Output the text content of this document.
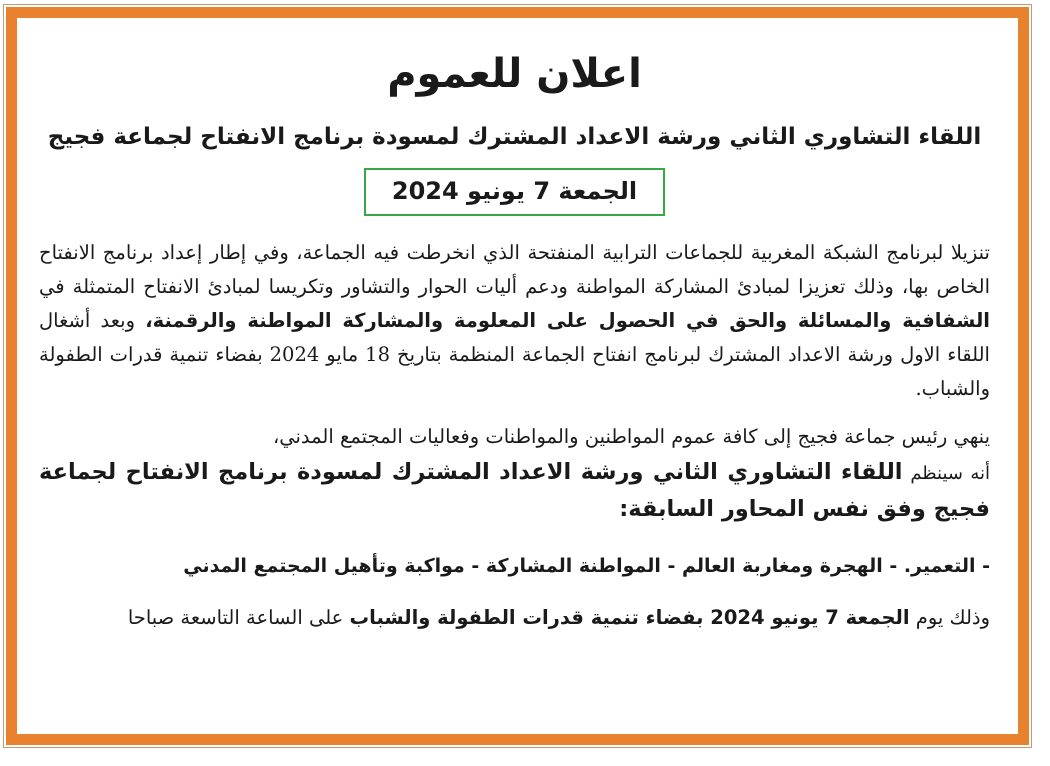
اعلان للعموم
اللقاء التشاوري الثاني ورشة الاعداد المشترك لمسودة برنامج الانفتاح لجماعة فجيج
الجمعة 7 يونيو 2024

تنزيلا لبرنامج الشبكة المغربية للجماعات الترابية المنفتحة الذي انخرطت فيه الجماعة، وفي إطار إعداد برنامج الانفتاح الخاص بها، وذلك تعزيزا لمبادئ المشاركة المواطنة ودعم أليات الحوار والتشاور وتكريسا لمبادئ الانفتاح المتمثلة في الشفافية والمسائلة والحق في الحصول على المعلومة والمشاركة المواطنة والرقمنة، وبعد أشغال اللقاء الاول ورشة الاعداد المشترك لبرنامج انفتاح الجماعة المنظمة بتاريخ 18 مايو 2024 بفضاء تنمية قدرات الطفولة والشباب.

ينهي رئيس جماعة فجيج إلى كافة عموم المواطنين والمواطنات وفعاليات المجتمع المدني،
أنه سينظم اللقاء التشاوري الثاني ورشة الاعداد المشترك لمسودة برنامج الانفتاح لجماعة فجيج وفق نفس المحاور السابقة:

- التعمير. - الهجرة ومغاربة العالم - المواطنة المشاركة - مواكبة وتأهيل المجتمع المدني

وذلك يوم الجمعة 7 يونيو 2024 بفضاء تنمية قدرات الطفولة والشباب على الساعة التاسعة صباحا
